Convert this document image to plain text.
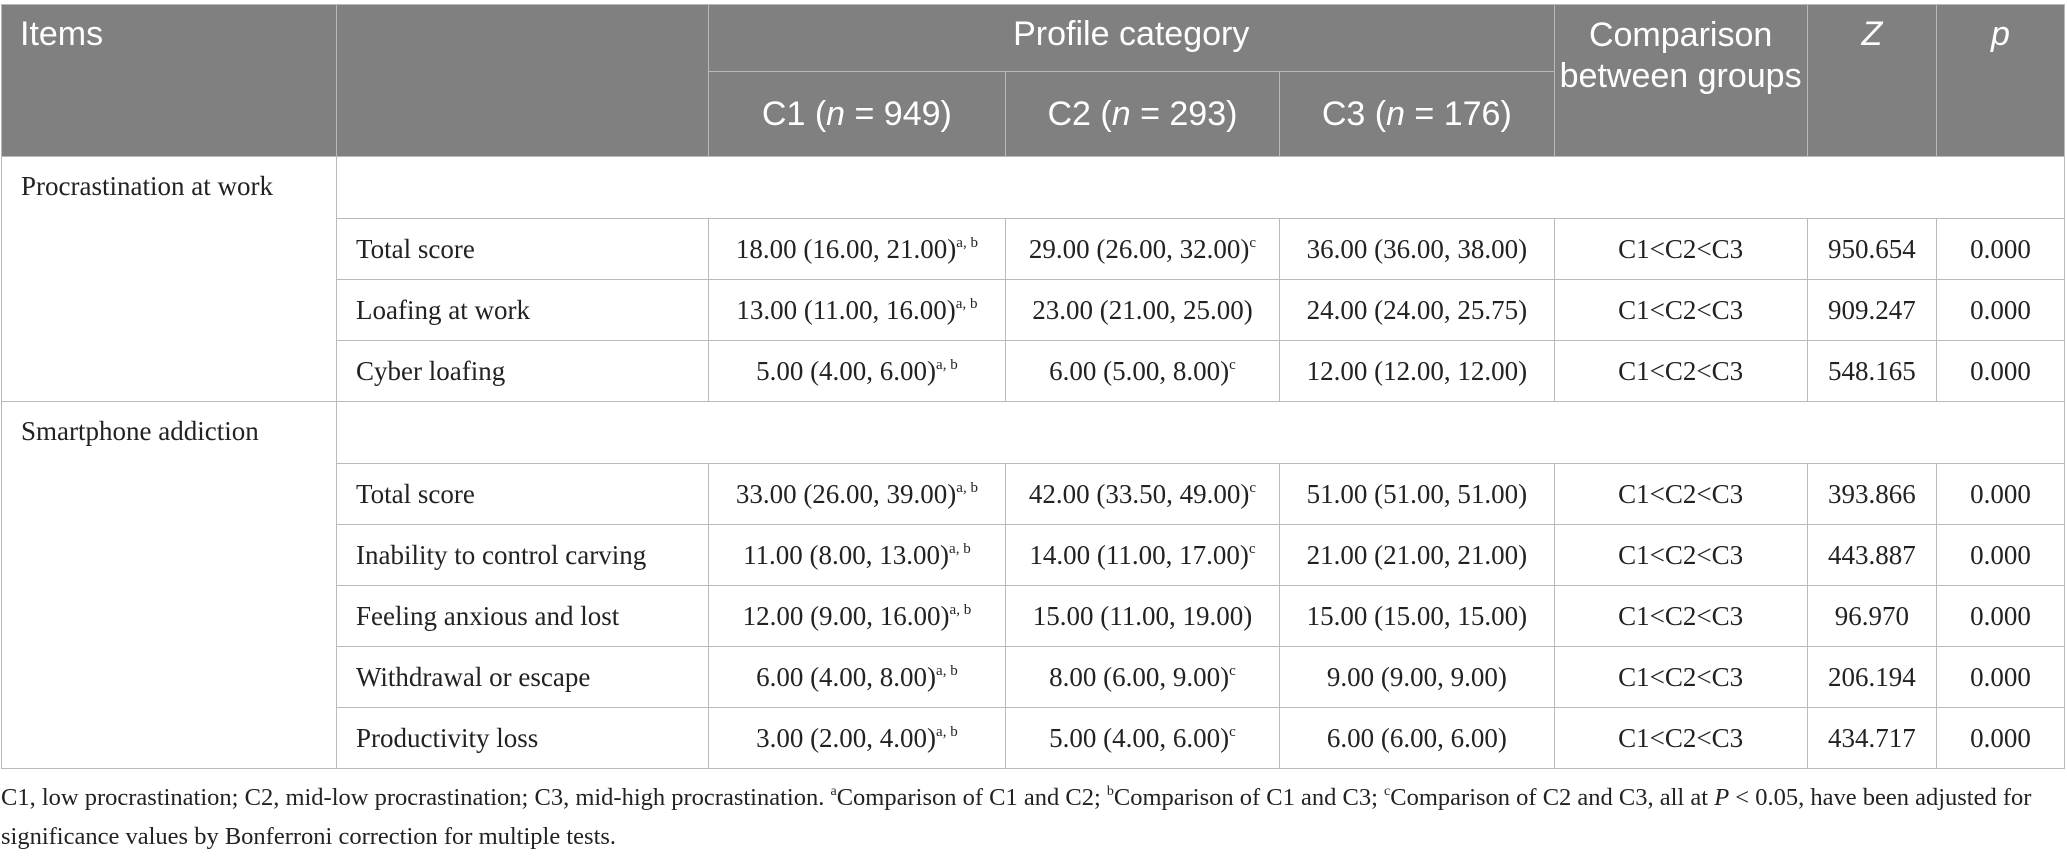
Items		Profile category			Comparison between groups	Z	p
		C1 (n = 949)	C2 (n = 293)	C3 (n = 176)			
Procrastination at work							
	Total score	18.00 (16.00, 21.00)$^{a, b}$	29.00 (26.00, 32.00)$^c$	36.00 (36.00, 38.00)	C1<C2<C3	950.654	0.000
	Loafing at work	13.00 (11.00, 16.00)$^{a, b}$	23.00 (21.00, 25.00)	24.00 (24.00, 25.75)	C1<C2<C3	909.247	0.000
	Cyber loafing	5.00 (4.00, 6.00)$^{a, b}$	6.00 (5.00, 8.00)$^c$	12.00 (12.00, 12.00)	C1<C2<C3	548.165	0.000
Smartphone addiction							
	Total score	33.00 (26.00, 39.00)$^{a, b}$	42.00 (33.50, 49.00)$^c$	51.00 (51.00, 51.00)	C1<C2<C3	393.866	0.000
	Inability to control carving	11.00 (8.00, 13.00)$^{a, b}$	14.00 (11.00, 17.00)$^c$	21.00 (21.00, 21.00)	C1<C2<C3	443.887	0.000
	Feeling anxious and lost	12.00 (9.00, 16.00)$^{a, b}$	15.00 (11.00, 19.00)	15.00 (15.00, 15.00)	C1<C2<C3	96.970	0.000
	Withdrawal or escape	6.00 (4.00, 8.00)$^{a, b}$	8.00 (6.00, 9.00)$^c$	9.00 (9.00, 9.00)	C1<C2<C3	206.194	0.000
	Productivity loss	3.00 (2.00, 4.00)$^{a, b}$	5.00 (4.00, 6.00)$^c$	6.00 (6.00, 6.00)	C1<C2<C3	434.717	0.000
C1, low procrastination; C2, mid-low procrastination; C3, mid-high procrastination. $^a$Comparison of C1 and C2; $^b$Comparison of C1 and C3; $^c$Comparison of C2 and C3, all at P < 0.05, have been adjusted for significance values by Bonferroni correction for multiple tests.
